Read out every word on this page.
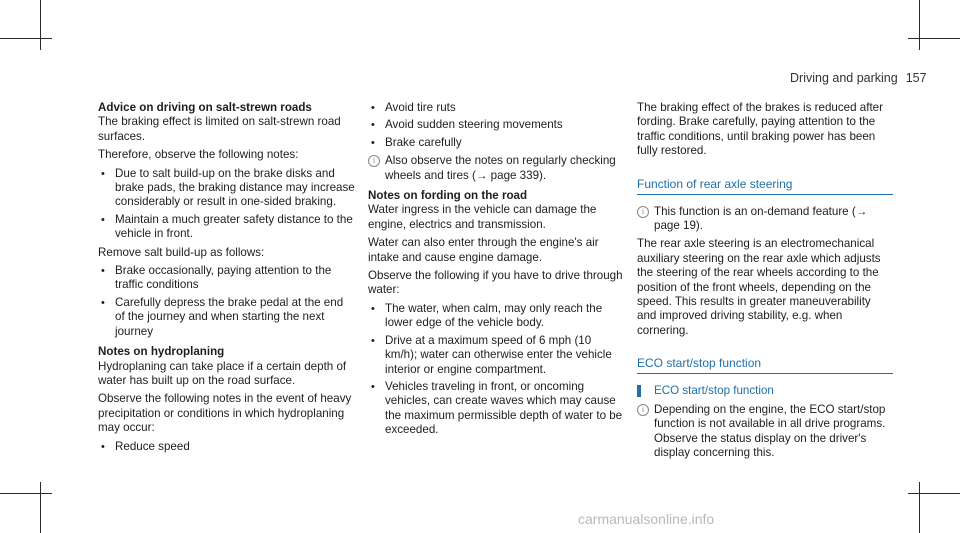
Driving and parking 157
Advice on driving on salt-strewn roads

The braking effect is limited on salt-strewn road surfaces.

Therefore, observe the following notes:

• Due to salt build-up on the brake disks and brake pads, the braking distance may increase considerably or result in one-sided braking.
• Maintain a much greater safety distance to the vehicle in front.

Remove salt build-up as follows:

• Brake occasionally, paying attention to the traffic conditions
• Carefully depress the brake pedal at the end of the journey and when starting the next journey
Notes on hydroplaning

Hydroplaning can take place if a certain depth of water has built up on the road surface.

Observe the following notes in the event of heavy precipitation or conditions in which hydroplaning may occur:

• Reduce speed
• Avoid tire ruts
• Avoid sudden steering movements
• Brake carefully
i Also observe the notes on regularly checking wheels and tires (→ page 339).
Notes on fording on the road

Water ingress in the vehicle can damage the engine, electrics and transmission.

Water can also enter through the engine's air intake and cause engine damage.

Observe the following if you have to drive through water:

• The water, when calm, may only reach the lower edge of the vehicle body.
• Drive at a maximum speed of 6 mph (10 km/h); water can otherwise enter the vehicle interior or engine compartment.
• Vehicles traveling in front, or oncoming vehicles, can create waves which may cause the maximum permissible depth of water to be exceeded.

The braking effect of the brakes is reduced after fording. Brake carefully, paying attention to the traffic conditions, until braking power has been fully restored.

Function of rear axle steering
i This function is an on-demand feature (→ page 19).

The rear axle steering is an electromechanical auxiliary steering on the rear axle which adjusts the steering of the rear wheels according to the position of the front wheels, depending on the speed. This results in greater maneuverability and improved driving stability, e.g. when cornering.

ECO start/stop function
ECO start/stop function
i Depending on the engine, the ECO start/stop function is not available in all drive programs. Observe the status display on the driver's display concerning this.
carmanualsonline.info
